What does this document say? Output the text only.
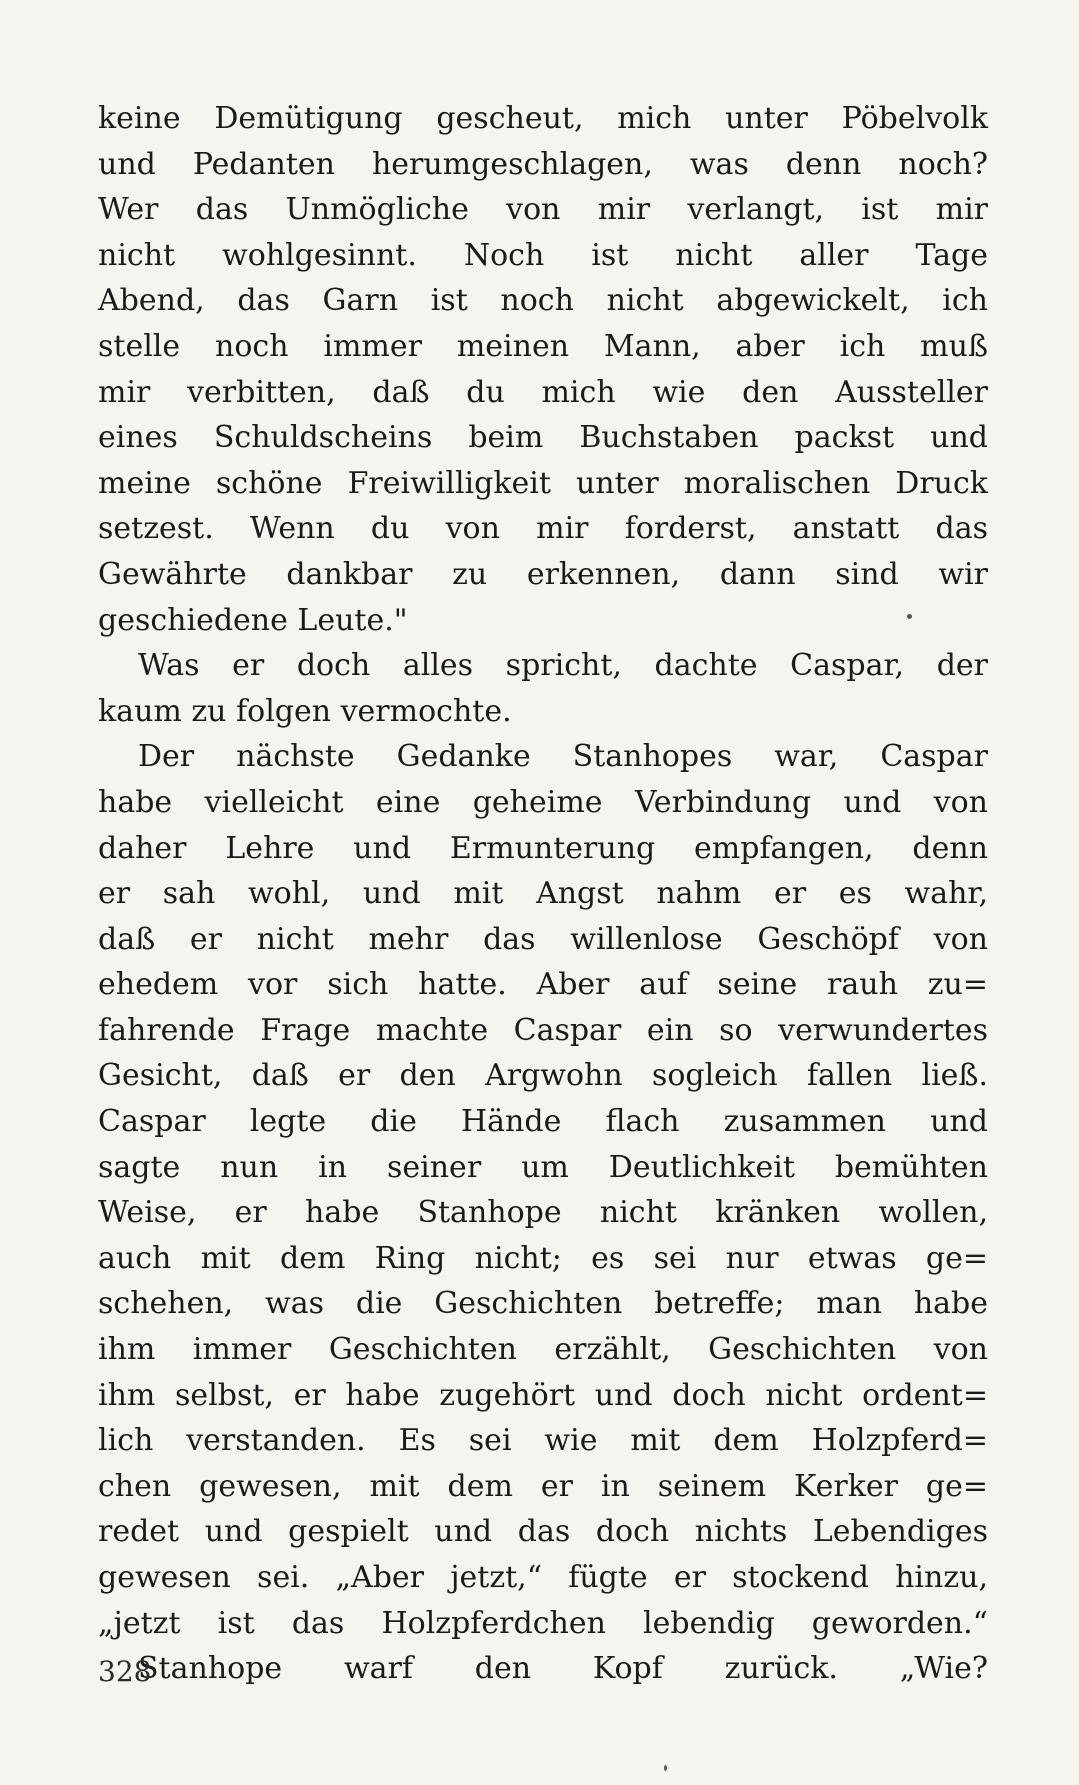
keine Demütigung gescheut, mich unter Pöbelvolk
und Pedanten herumgeschlagen, was denn noch?
Wer das Unmögliche von mir verlangt, ist mir
nicht wohlgesinnt. Noch ist nicht aller Tage
Abend, das Garn ist noch nicht abgewickelt, ich
stelle noch immer meinen Mann, aber ich muß
mir verbitten, daß du mich wie den Aussteller
eines Schuldscheins beim Buchstaben packst und
meine schöne Freiwilligkeit unter moralischen Druck
setzest. Wenn du von mir forderst, anstatt das
Gewährte dankbar zu erkennen, dann sind wir
geschiedene Leute."
Was er doch alles spricht, dachte Caspar, der
kaum zu folgen vermochte.
Der nächste Gedanke Stanhopes war, Caspar
habe vielleicht eine geheime Verbindung und von
daher Lehre und Ermunterung empfangen, denn
er sah wohl, und mit Angst nahm er es wahr,
daß er nicht mehr das willenlose Geschöpf von
ehedem vor sich hatte. Aber auf seine rauh zu=
fahrende Frage machte Caspar ein so verwundertes
Gesicht, daß er den Argwohn sogleich fallen ließ.
Caspar legte die Hände flach zusammen und
sagte nun in seiner um Deutlichkeit bemühten
Weise, er habe Stanhope nicht kränken wollen,
auch mit dem Ring nicht; es sei nur etwas ge=
schehen, was die Geschichten betreffe; man habe
ihm immer Geschichten erzählt, Geschichten von
ihm selbst, er habe zugehört und doch nicht ordent=
lich verstanden. Es sei wie mit dem Holzpferd=
chen gewesen, mit dem er in seinem Kerker ge=
redet und gespielt und das doch nichts Lebendiges
gewesen sei. „Aber jetzt,“ fügte er stockend hinzu,
„jetzt ist das Holzpferdchen lebendig geworden.“
Stanhope warf den Kopf zurück. „Wie?
328
